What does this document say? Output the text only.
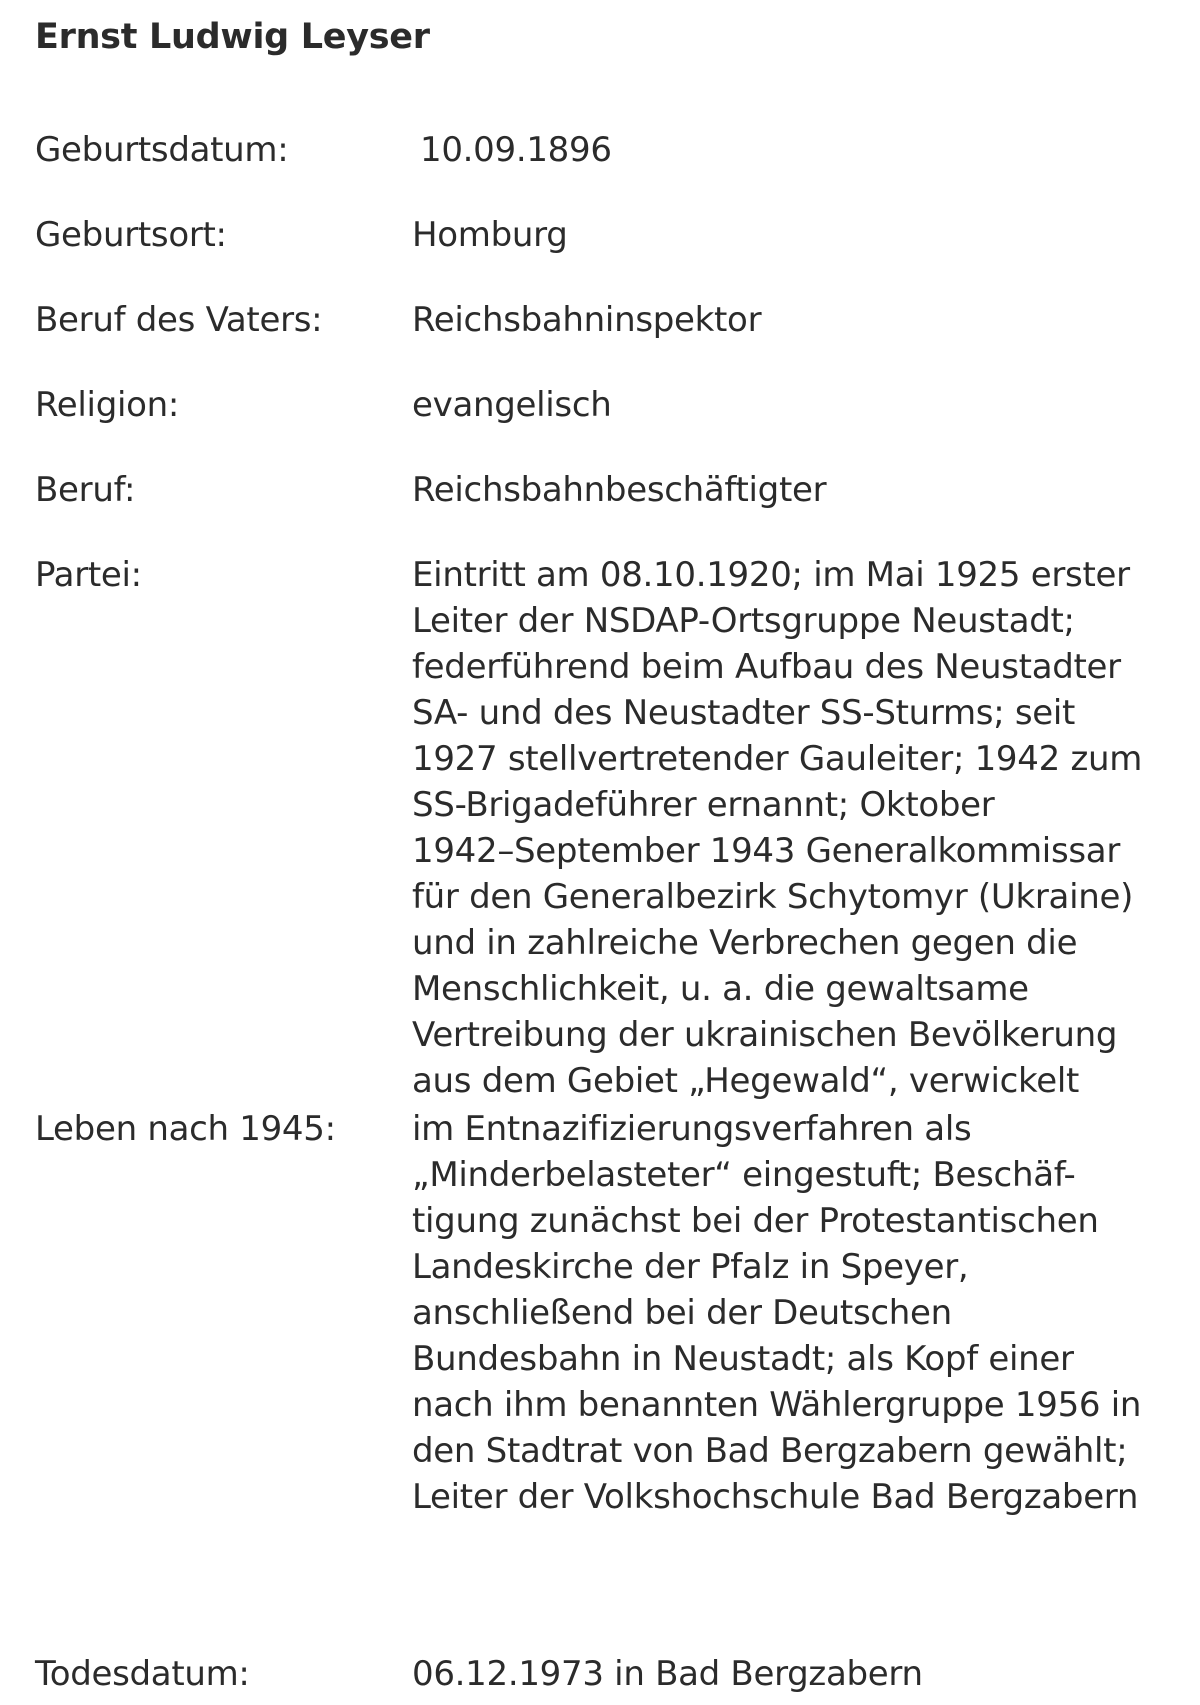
Ernst Ludwig Leyser
Geburtsdatum:	10.09.1896
Geburtsort:	Homburg
Beruf des Vaters:	Reichsbahninspektor
Religion:	evangelisch
Beruf:	Reichsbahnbeschäftigter
Partei:	Eintritt am 08.10.1920; im Mai 1925 erster
Leiter der NSDAP-Ortsgruppe Neustadt;
federführend beim Aufbau des Neustadter
SA- und des Neustadter SS-Sturms; seit
1927 stellvertretender Gauleiter; 1942 zum
SS-Brigadeführer ernannt; Oktober
1942–September 1943 Generalkommissar
für den Generalbezirk Schytomyr (Ukraine)
und in zahlreiche Verbrechen gegen die
Menschlichkeit, u. a. die gewaltsame
Vertreibung der ukrainischen Bevölkerung
aus dem Gebiet „Hegewald“, verwickelt
Leben nach 1945: im Entnazifizierungsverfahren als
„Minderbelasteter“ eingestuft; Beschäf-
tigung zunächst bei der Protestantischen
Landeskirche der Pfalz in Speyer,
anschließend bei der Deutschen
Bundesbahn in Neustadt; als Kopf einer
nach ihm benannten Wählergruppe 1956 in
den Stadtrat von Bad Bergzabern gewählt;
Leiter der Volkshochschule Bad Bergzabern
Todesdatum:	06.12.1973 in Bad Bergzabern
